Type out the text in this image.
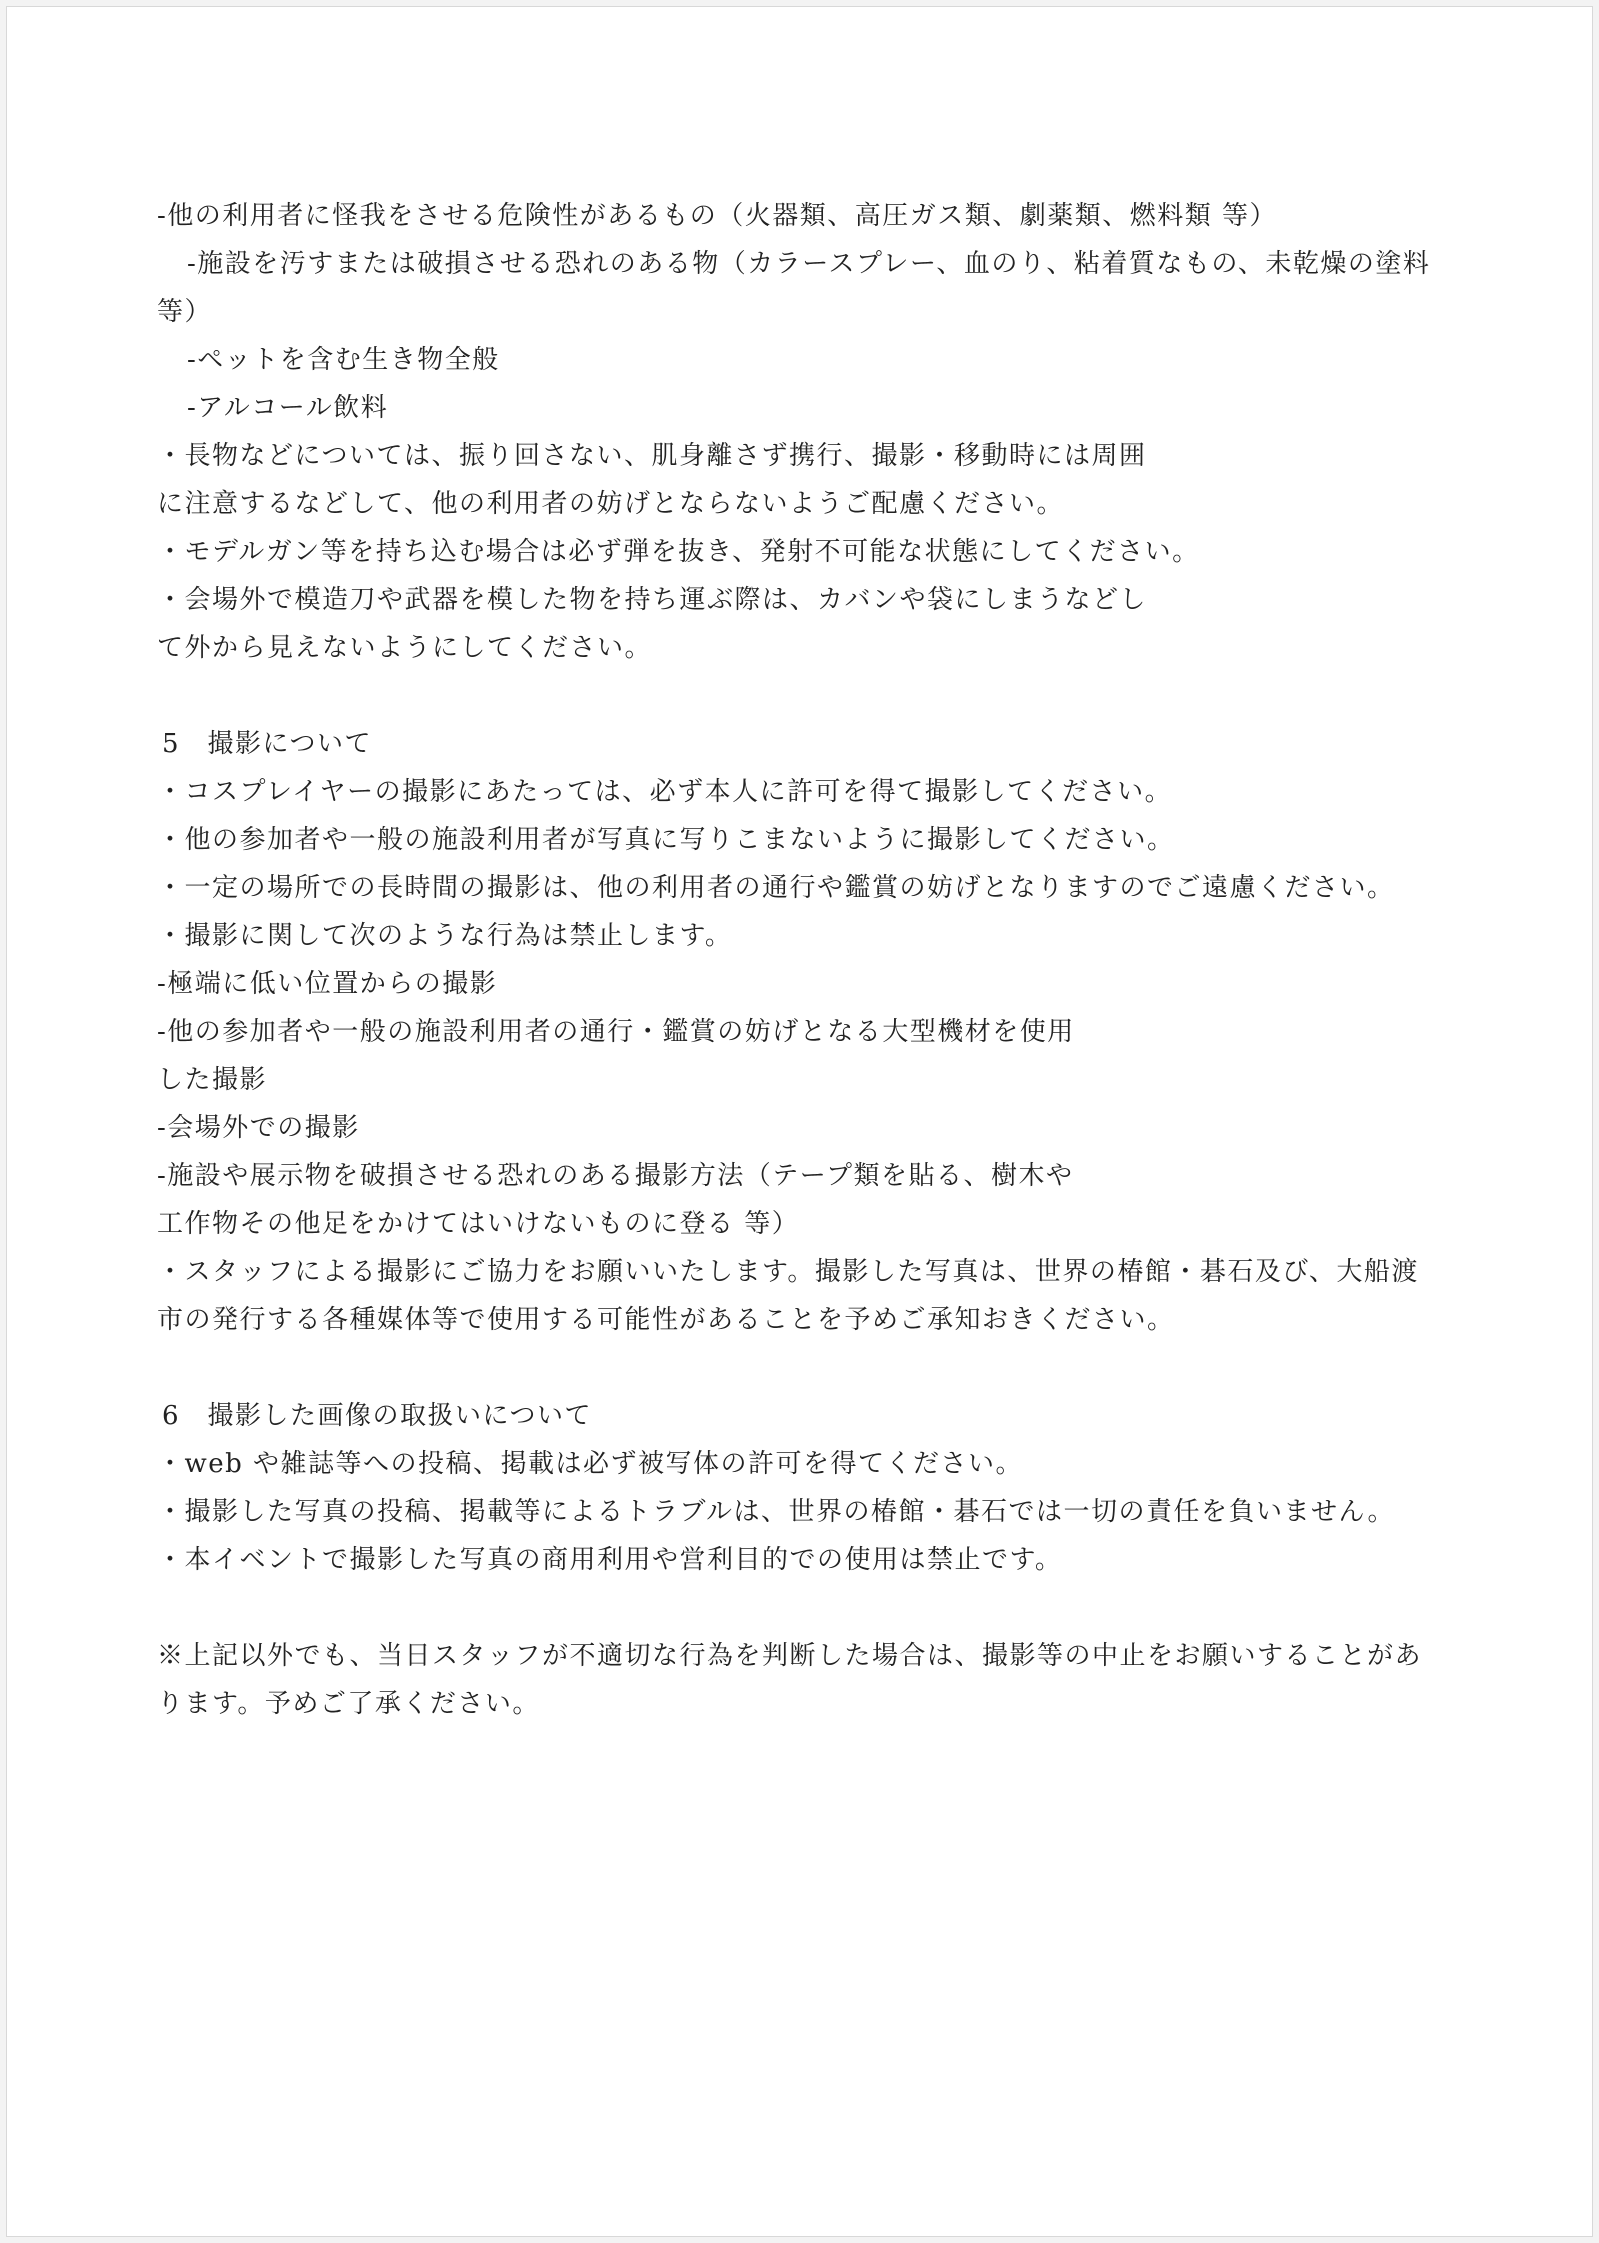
-他の利用者に怪我をさせる危険性があるもの（火器類、高圧ガス類、劇薬類、燃料類 等）
-施設を汚すまたは破損させる恐れのある物（カラースプレー、血のり、粘着質なもの、未乾燥の塗料
等）
-ペットを含む生き物全般
-アルコール飲料
・長物などについては、振り回さない、肌身離さず携行、撮影・移動時には周囲
に注意するなどして、他の利用者の妨げとならないようご配慮ください。
・モデルガン等を持ち込む場合は必ず弾を抜き、発射不可能な状態にしてください。
・会場外で模造刀や武器を模した物を持ち運ぶ際は、カバンや袋にしまうなどし
て外から見えないようにしてください。
5　撮影について
・コスプレイヤーの撮影にあたっては、必ず本人に許可を得て撮影してください。
・他の参加者や一般の施設利用者が写真に写りこまないように撮影してください。
・一定の場所での長時間の撮影は、他の利用者の通行や鑑賞の妨げとなりますのでご遠慮ください。
・撮影に関して次のような行為は禁止します。
-極端に低い位置からの撮影
-他の参加者や一般の施設利用者の通行・鑑賞の妨げとなる大型機材を使用
した撮影
-会場外での撮影
-施設や展示物を破損させる恐れのある撮影方法（テープ類を貼る、樹木や
工作物その他足をかけてはいけないものに登る 等）
・スタッフによる撮影にご協力をお願いいたします。撮影した写真は、世界の椿館・碁石及び、大船渡
市の発行する各種媒体等で使用する可能性があることを予めご承知おきください。
6　撮影した画像の取扱いについて
・web や雑誌等への投稿、掲載は必ず被写体の許可を得てください。
・撮影した写真の投稿、掲載等によるトラブルは、世界の椿館・碁石では一切の責任を負いません。
・本イベントで撮影した写真の商用利用や営利目的での使用は禁止です。
※上記以外でも、当日スタッフが不適切な行為を判断した場合は、撮影等の中止をお願いすることがあ
ります。予めご了承ください。
